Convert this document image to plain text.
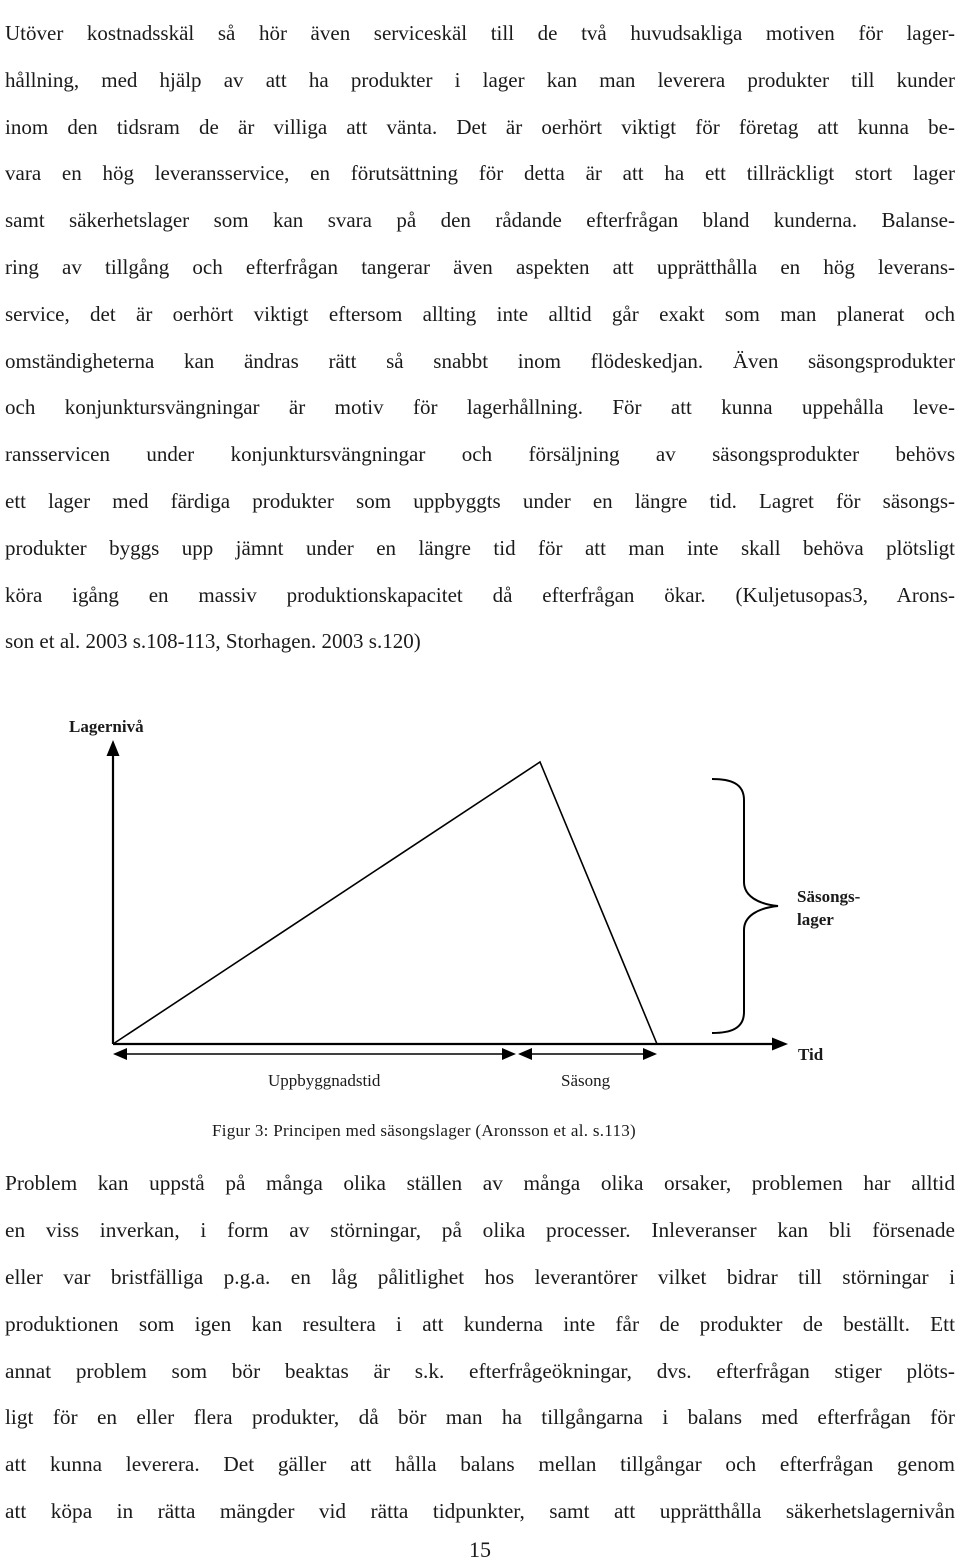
Utöver kostnadsskäl så hör även serviceskäl till de två huvudsakliga motiven för lager-
hållning, med hjälp av att ha produkter i lager kan man leverera produkter till kunder
inom den tidsram de är villiga att vänta. Det är oerhört viktigt för företag att kunna be-
vara en hög leveransservice, en förutsättning för detta är att ha ett tillräckligt stort lager
samt säkerhetslager som kan svara på den rådande efterfrågan bland kunderna. Balanse-
ring av tillgång och efterfrågan tangerar även aspekten att upprätthålla en hög leverans-
service, det är oerhört viktigt eftersom allting inte alltid går exakt som man planerat och
omständigheterna kan ändras rätt så snabbt inom flödeskedjan. Även säsongsprodukter
och konjunktursvängningar är motiv för lagerhållning. För att kunna uppehålla leve-
ransservicen under konjunktursvängningar och försäljning av säsongsprodukter behövs
ett lager med färdiga produkter som uppbyggts under en längre tid. Lagret för säsongs-
produkter byggs upp jämnt under en längre tid för att man inte skall behöva plötsligt
köra igång en massiv produktionskapacitet då efterfrågan ökar. (Kuljetusopas3, Arons-
son et al. 2003 s.108-113, Storhagen. 2003 s.120)
Lagernivå
Säsongs-
lager
Tid
Uppbyggnadstid	Säsong
Figur 3: Principen med säsongslager (Aronsson et al. s.113)
Problem kan uppstå på många olika ställen av många olika orsaker, problemen har alltid
en viss inverkan, i form av störningar, på olika processer. Inleveranser kan bli försenade
eller var bristfälliga p.g.a. en låg pålitlighet hos leverantörer vilket bidrar till störningar i
produktionen som igen kan resultera i att kunderna inte får de produkter de beställt. Ett
annat problem som bör beaktas är s.k. efterfrågeökningar, dvs. efterfrågan stiger plöts-
ligt för en eller flera produkter, då bör man ha tillgångarna i balans med efterfrågan för
att kunna leverera. Det gäller att hålla balans mellan tillgångar och efterfrågan genom
att köpa in rätta mängder vid rätta tidpunkter, samt att upprätthålla säkerhetslagernivån
15
